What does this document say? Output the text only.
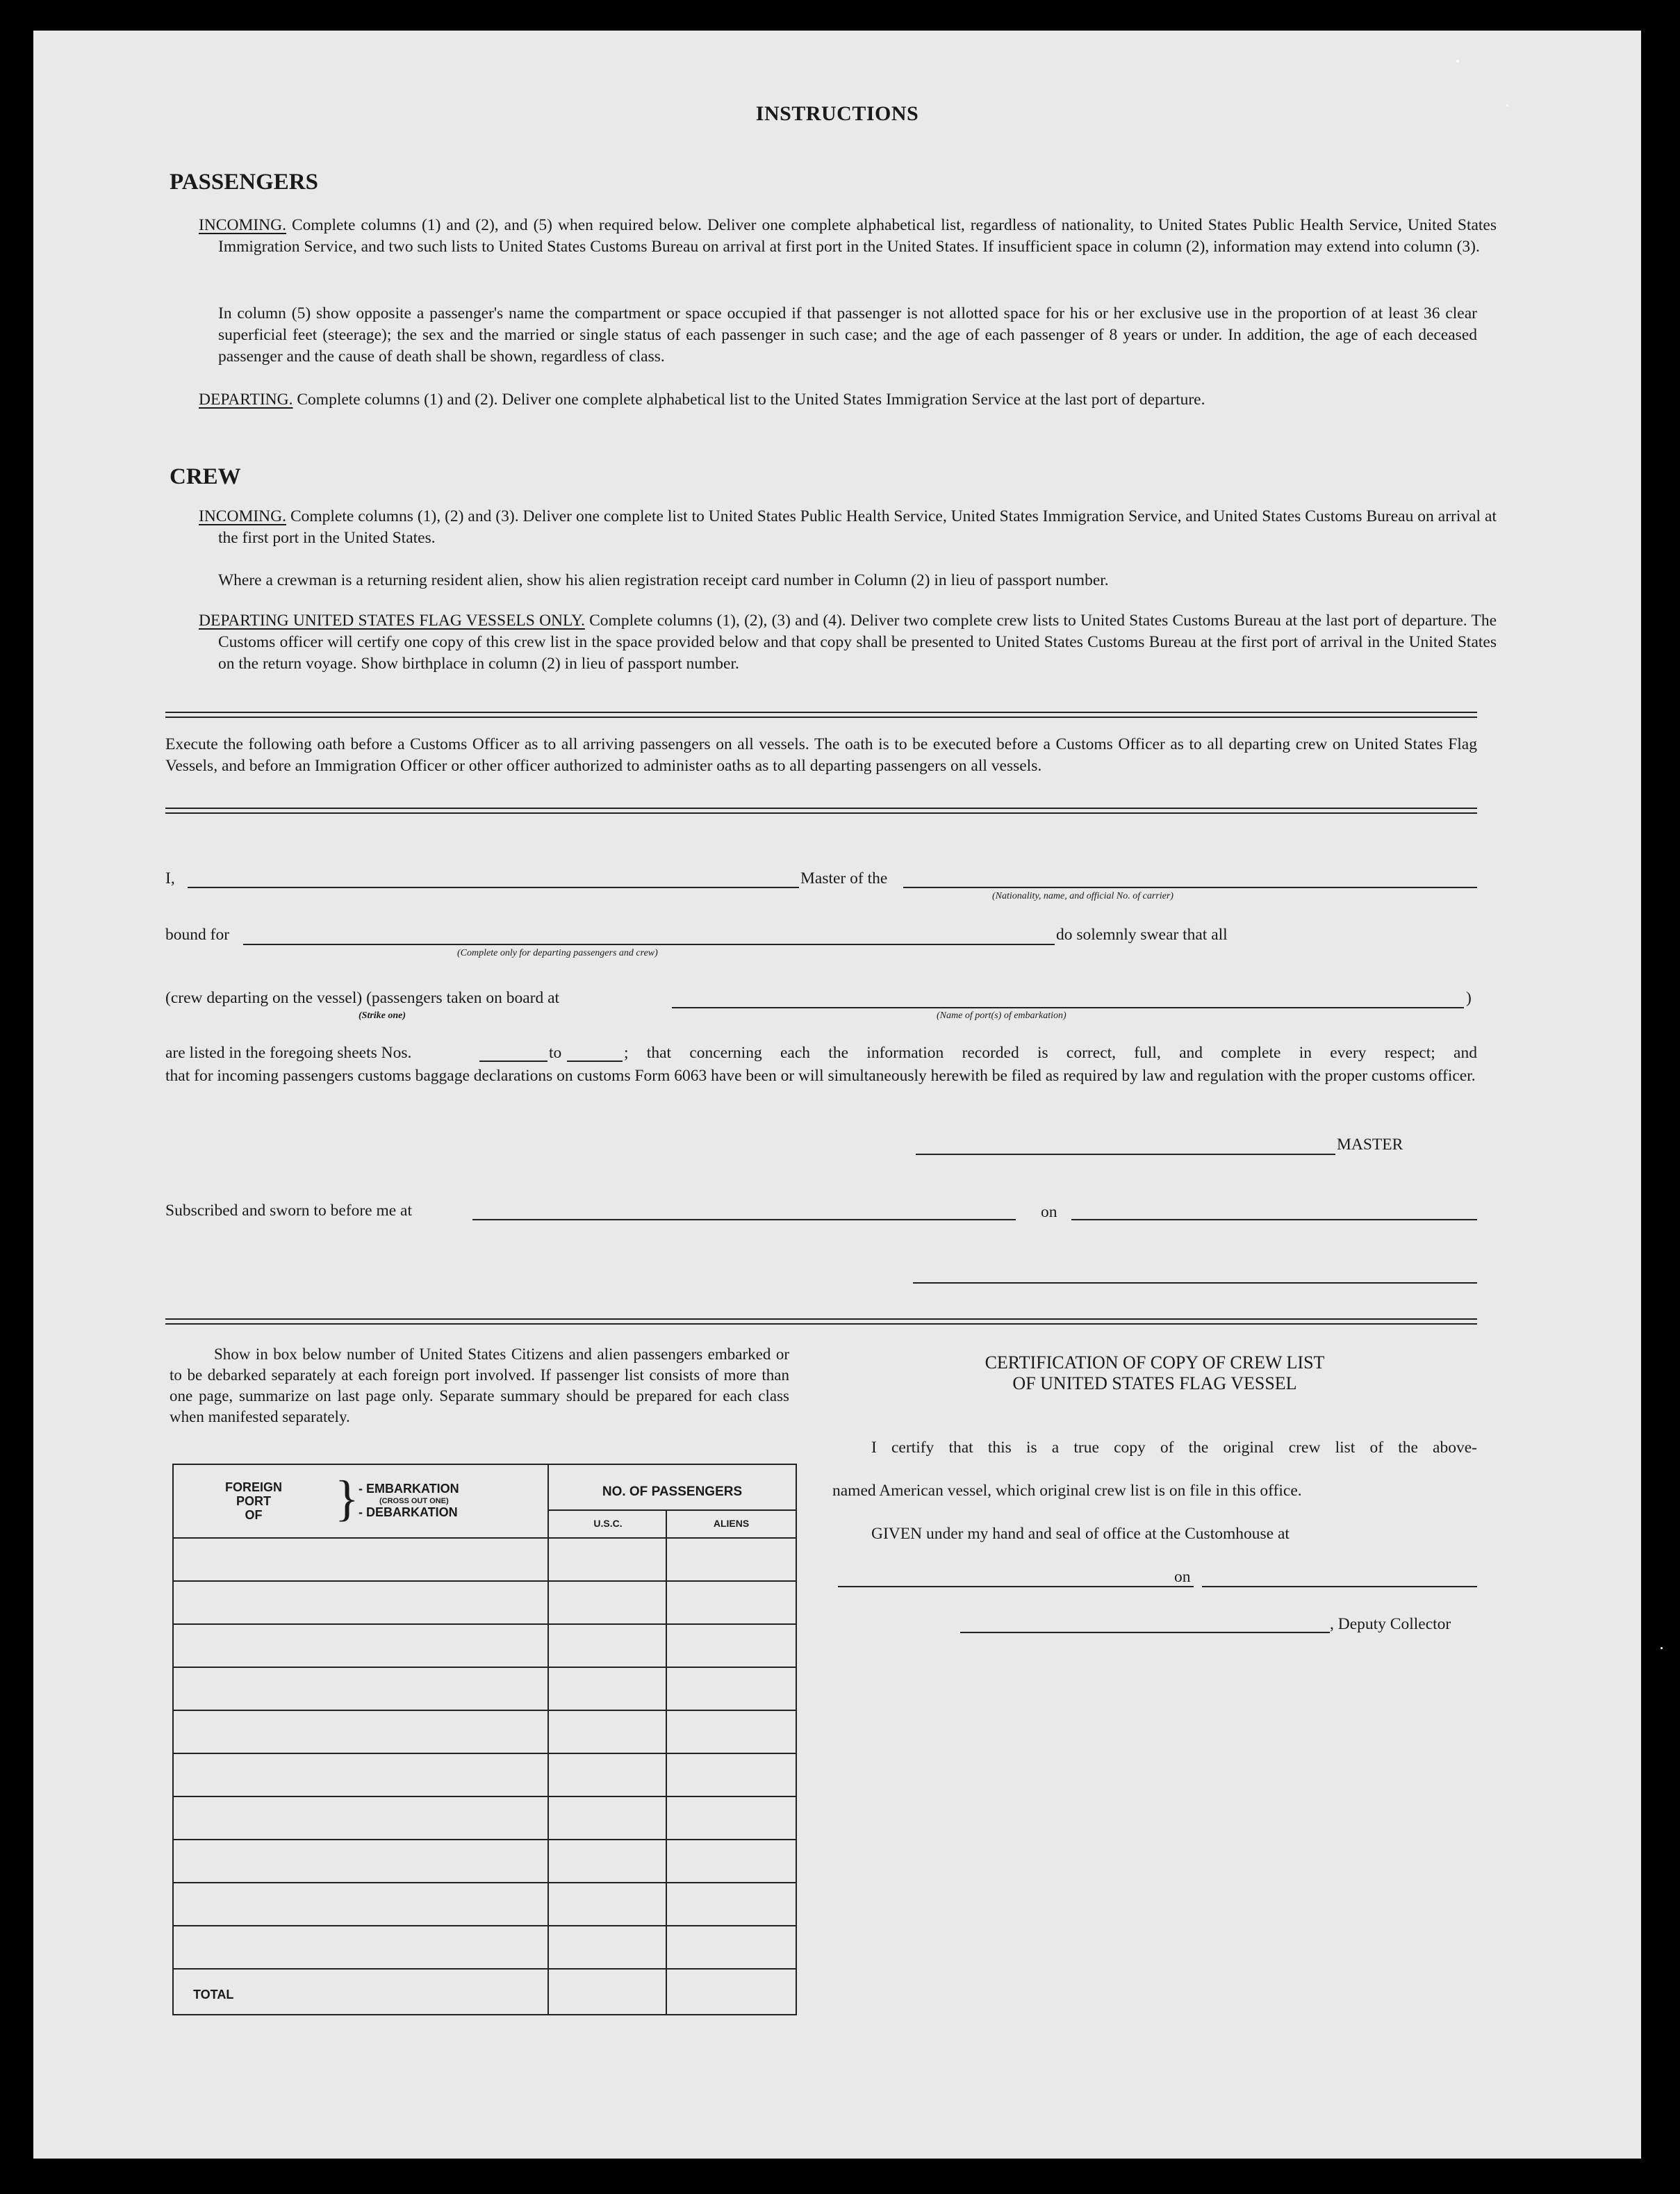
INSTRUCTIONS
PASSENGERS
INCOMING. Complete columns (1) and (2), and (5) when required below. Deliver one complete alphabetical list, regardless of nationality, to United States Public Health Service, United States Immigration Service, and two such lists to United States Customs Bureau on arrival at first port in the United States. If insufficient space in column (2), information may extend into column (3).
In column (5) show opposite a passenger's name the compartment or space occupied if that passenger is not allotted space for his or her exclusive use in the proportion of at least 36 clear superficial feet (steerage); the sex and the married or single status of each passenger in such case; and the age of each passenger of 8 years or under. In addition, the age of each deceased passenger and the cause of death shall be shown, regardless of class.
DEPARTING. Complete columns (1) and (2). Deliver one complete alphabetical list to the United States Immigration Service at the last port of departure.
CREW
INCOMING. Complete columns (1), (2) and (3). Deliver one complete list to United States Public Health Service, United States Immigration Service, and United States Customs Bureau on arrival at the first port in the United States.
Where a crewman is a returning resident alien, show his alien registration receipt card number in Column (2) in lieu of passport number.
DEPARTING UNITED STATES FLAG VESSELS ONLY. Complete columns (1), (2), (3) and (4). Deliver two complete crew lists to United States Customs Bureau at the last port of departure. The Customs officer will certify one copy of this crew list in the space provided below and that copy shall be presented to United States Customs Bureau at the first port of arrival in the United States on the return voyage. Show birthplace in column (2) in lieu of passport number.
Execute the following oath before a Customs Officer as to all arriving passengers on all vessels. The oath is to be executed before a Customs Officer as to all departing crew on United States Flag Vessels, and before an Immigration Officer or other officer authorized to administer oaths as to all departing passengers on all vessels.
I,	Master of the
(Nationality, name, and official No. of carrier)
bound for
(Complete only for departing passengers and crew)
do solemnly swear that all
(crew departing on the vessel) (passengers taken on board at
(Strike one)	(Name of port(s) of embarkation)
)
are listed in the foregoing sheets Nos.	to	; that concerning each the information recorded is correct, full, and complete in every respect; and
that for incoming passengers customs baggage declarations on customs Form 6063 have been or will simultaneously herewith be filed as required by law and regulation with the proper customs officer.
MASTER
Subscribed and sworn to before me at	on
Show in box below number of United States Citizens and alien passengers embarked or to be debarked separately at each foreign port involved. If passenger list consists of more than one page, summarize on last page only. Separate summary should be prepared for each class when manifested separately.
FOREIGN
PORT
OF	} - EMBARKATION
(CROSS OUT ONE)
- DEBARKATION
NO. OF PASSENGERS
U.S.C.	ALIENS
TOTAL
CERTIFICATION OF COPY OF CREW LIST
OF UNITED STATES FLAG VESSEL
I certify that this is a true copy of the original crew list of the above-
named American vessel, which original crew list is on file in this office.
GIVEN under my hand and seal of office at the Customhouse at
on
, Deputy Collector
